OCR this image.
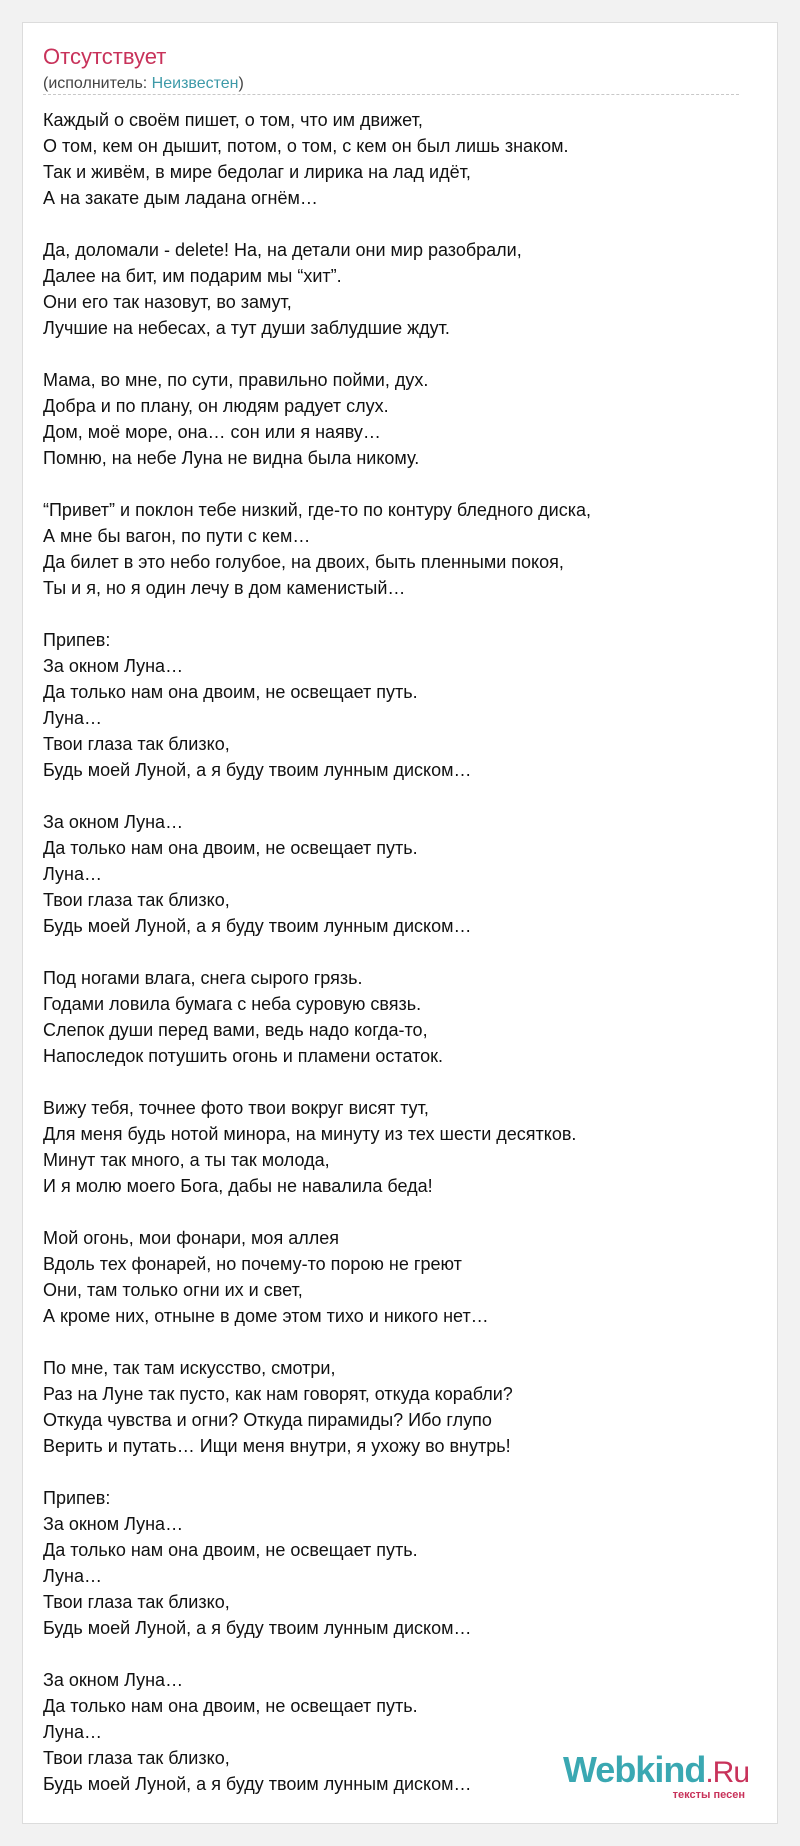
Отсутствует
(исполнитель: Неизвестен)
Каждый о своём пишет, о том, что им движет,
О том, кем он дышит, потом, о том, с кем он был лишь знаком.
Так и живём, в мире бедолаг и лирика на лад идёт,
А на закате дым ладана огнём…
Да, доломали - delete! На, на детали они мир разобрали,
Далее на бит, им подарим мы “хит”.
Они его так назовут, во замут,
Лучшие на небесах, а тут души заблудшие ждут.
Мама, во мне, по сути, правильно пойми, дух.
Добра и по плану, он людям радует слух.
Дом, моё море, она… сон или я наяву…
Помню, на небе Луна не видна была никому.
“Привет” и поклон тебе низкий, где-то по контуру бледного диска,
А мне бы вагон, по пути с кем…
Да билет в это небо голубое, на двоих, быть пленными покоя,
Ты и я, но я один лечу в дом каменистый…
Припев:
За окном Луна…
Да только нам она двоим, не освещает путь.
Луна…
Твои глаза так близко,
Будь моей Луной, а я буду твоим лунным диском…
За окном Луна…
Да только нам она двоим, не освещает путь.
Луна…
Твои глаза так близко,
Будь моей Луной, а я буду твоим лунным диском…
Под ногами влага, снега сырого грязь.
Годами ловила бумага с неба суровую связь.
Слепок души перед вами, ведь надо когда-то,
Напоследок потушить огонь и пламени остаток.
Вижу тебя, точнее фото твои вокруг висят тут,
Для меня будь нотой минора, на минуту из тех шести десятков.
Минут так много, а ты так молода,
И я молю моего Бога, дабы не навалила беда!
Мой огонь, мои фонари, моя аллея
Вдоль тех фонарей, но почему-то порою не греют
Они, там только огни их и свет,
А кроме них, отныне в доме этом тихо и никого нет…
По мне, так там искусство, смотри,
Раз на Луне так пусто, как нам говорят, откуда корабли?
Откуда чувства и огни? Откуда пирамиды? Ибо глупо
Верить и путать… Ищи меня внутри, я ухожу во внутрь!
Припев:
За окном Луна…
Да только нам она двоим, не освещает путь.
Луна…
Твои глаза так близко,
Будь моей Луной, а я буду твоим лунным диском…
За окном Луна…
Да только нам она двоим, не освещает путь.
Луна…
Твои глаза так близко,
Будь моей Луной, а я буду твоим лунным диском…	Webkind.Ru
тексты песен
